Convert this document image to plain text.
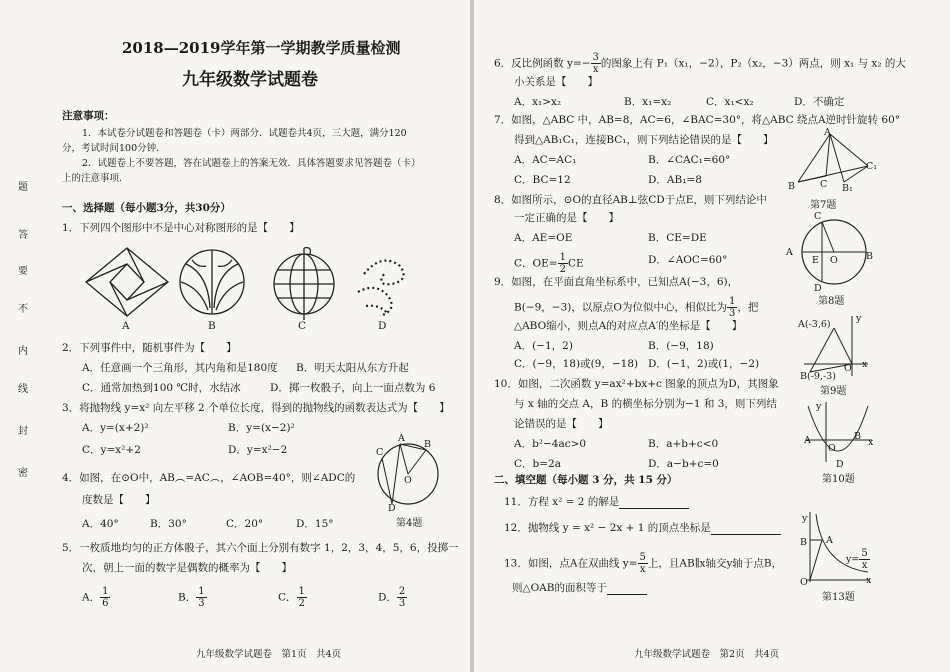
题
答
要
不
内
线
封
密
2018—2019学年第一学期教学质量检测
九年级数学试题卷
注意事项：
1．本试卷分试题卷和答题卷（卡）两部分．试题卷共4页，三大题，满分120
分，考试时间100分钟．
2．试题卷上不要答题，答在试题卷上的答案无效．具体答题要求见答题卷（卡）
上的注意事项．
一、选择题（每小题3分，共30分）
1．下列四个图形中不是中心对称图形的是【　　】
A	B	C	D
2．下列事件中，随机事件为【　　】
A．任意画一个三角形，其内角和是180度 B．明天太阳从东方升起
C．通常加热到100 ℃时，水结冰	D．掷一枚骰子，向上一面点数为 6
3．将抛物线 y=x² 向左平移 2 个单位长度，得到的抛物线的函数表达式为【　　】
A．y=(x+2)²	B．y=(x−2)²
C．y=x²+2	D．y=x²−2
4．如图，在⊙O中，AB︵=AC︵，∠AOB=40°，则∠ADC的
度数是【　　】
A．40°	B．30°	C．20°	D．15°
A
B
C
O
D
第4题
5．一枚质地均匀的正方体骰子，其六个面上分别有数字 1，2，3，4，5，6，投掷一
次，朝上一面的数字是偶数的概率为【　　】
A． $\frac{1}{6}$	B． $\frac{1}{3}$	C． $\frac{1}{2}$	D． $\frac{2}{3}$
九年级数学试题卷　第1页　共4页
6．反比例函数 $y=- \frac{3}{x}$ 的图象上有 P₁（x₁，−2），P₂（x₂，−3）两点，则 x₁ 与 x₂ 的大
小关系是【　　】
A．x₁>x₂	B．x₁=x₂	C．x₁<x₂	D．不确定
7．如图，△ABC 中，AB=8，AC=6，∠BAC=30°，将△ABC 绕点A逆时针旋转 60°
得到△AB₁C₁，连接BC₁，则下列结论错误的是【　　】
A．AC=AC₁	B．∠CAC₁=60°
C．BC=12	D．AB₁=8
A
C₁
B	C B₁
第7题
8．如图所示，⊙O的直径AB⊥弦CD于点E，则下列结论中
一定正确的是【　　】
A．AE=OE	B．CE=DE
C．$OE= \frac{1}{2}$ CE	D．∠AOC=60°
C
A
E O	B
D
第8题
9．如图，在平面直角坐标系中，已知点A(−3，6)，
B(−9，−3)，以原点O为位似中心，相似比为 $\frac{1}{3}$ ，把
△ABO缩小，则点A的对应点A′的坐标是【　　】
A．(−1，2)	B．(−9，18)
C．(−9，18)或(9，−18) D．(−1，2)或(1，−2)
y
A(-3,6)
B(-9,-3)
O x
第9题
10．如图，二次函数 y=ax²+bx+c 图象的顶点为D，其图象
与 x 轴的交点 A，B 的横坐标分别为−1 和 3，则下列结
论错误的是【　　】
A．b²−4ac>0	B．a+b+c<0
C．b=2a	D．a−b+c=0
y
A
O
B
x
D
第10题
二、填空题（每小题 3 分，共 15 分）
11．方程 x² = 2 的解是
12．抛物线 y = x² − 2x + 1 的顶点坐标是
13．如图，点A在双曲线 $y= \frac{5}{x}$ 上，且AB∥x轴交y轴于点B，
则△OAB的面积等于
y
B A
$y= \frac{5}{x}$
O	x
第13题
九年级数学试题卷　第2页　共4页
